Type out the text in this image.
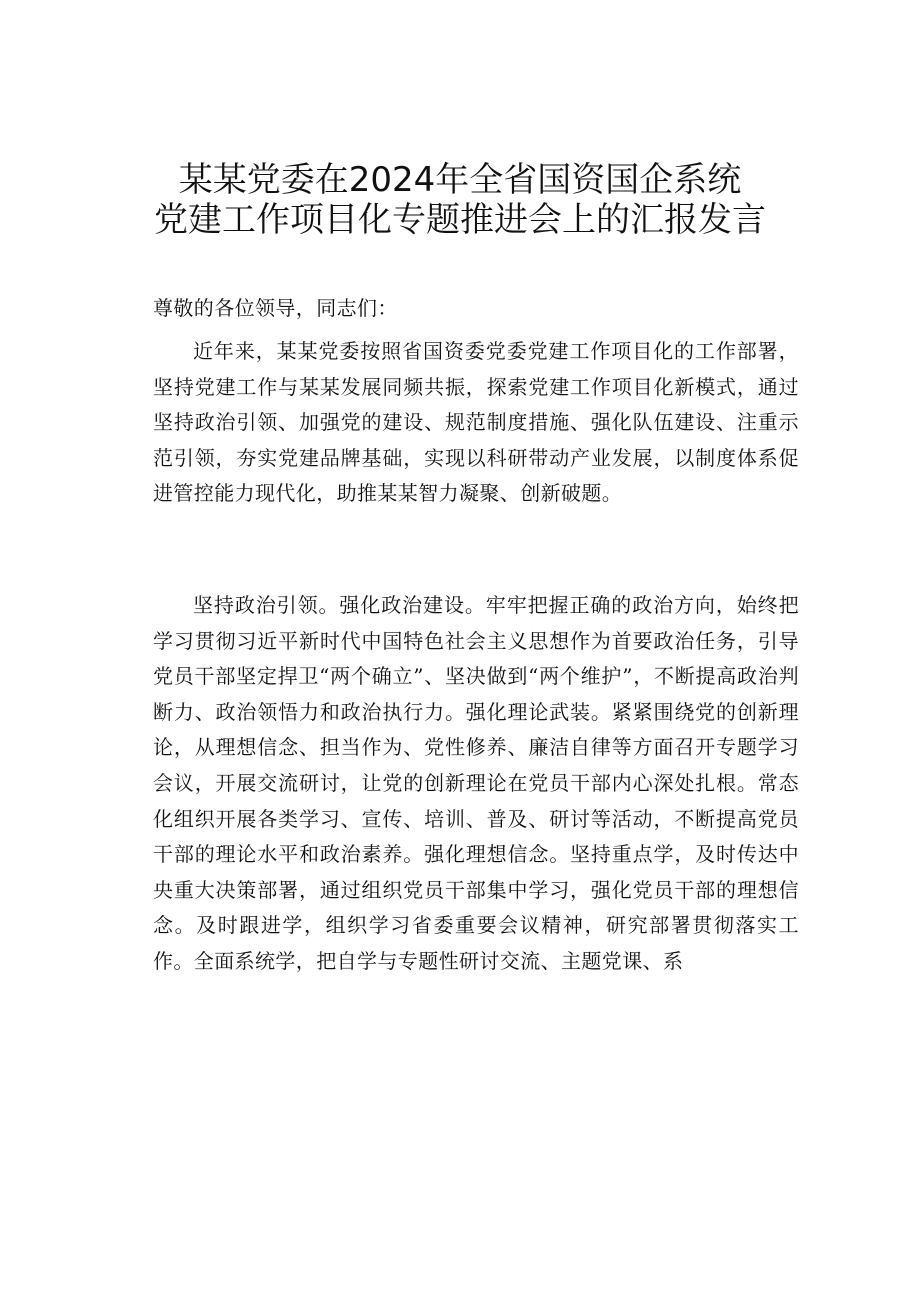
某某党委在2024年全省国资国企系统
党建工作项目化专题推进会上的汇报发言
尊敬的各位领导，同志们：
近年来，某某党委按照省国资委党委党建工作项目化的工作部署，坚持党建工作与某某发展同频共振，探索党建工作项目化新模式，通过坚持政治引领、加强党的建设、规范制度措施、强化队伍建设、注重示范引领，夯实党建品牌基础，实现以科研带动产业发展，以制度体系促进管控能力现代化，助推某某智力凝聚、创新破题。
坚持政治引领。强化政治建设。牢牢把握正确的政治方向，始终把学习贯彻习近平新时代中国特色社会主义思想作为首要政治任务，引导党员干部坚定捍卫“两个确立”、坚决做到“两个维护”，不断提高政治判断力、政治领悟力和政治执行力。强化理论武装。紧紧围绕党的创新理论，从理想信念、担当作为、党性修养、廉洁自律等方面召开专题学习会议，开展交流研讨，让党的创新理论在党员干部内心深处扎根。常态化组织开展各类学习、宣传、培训、普及、研讨等活动，不断提高党员干部的理论水平和政治素养。强化理想信念。坚持重点学，及时传达中央重大决策部署，通过组织党员干部集中学习，强化党员干部的理想信念。及时跟进学，组织学习省委重要会议精神，研究部署贯彻落实工作。全面系统学，把自学与专题性研讨交流、主题党课、系
